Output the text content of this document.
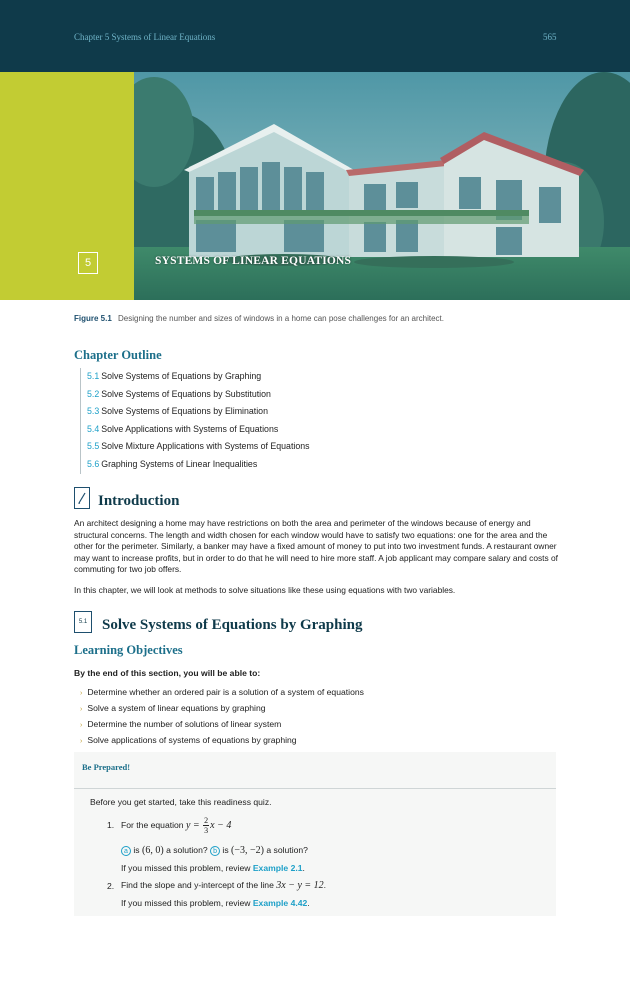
Chapter 5 Systems of Linear Equations	565
5	SYSTEMS OF LINEAR EQUATIONS
Figure 5.1 Designing the number and sizes of windows in a home can pose challenges for an architect.
Chapter Outline
5.1 Solve Systems of Equations by Graphing
5.2 Solve Systems of Equations by Substitution
5.3 Solve Systems of Equations by Elimination
5.4 Solve Applications with Systems of Equations
5.5 Solve Mixture Applications with Systems of Equations
5.6 Graphing Systems of Linear Inequalities
Introduction

An architect designing a home may have restrictions on both the area and perimeter of the windows because of energy and structural concerns. The length and width chosen for each window would have to satisfy two equations: one for the area and the other for the perimeter. Similarly, a banker may have a fixed amount of money to put into two investment funds. A restaurant owner may want to increase profits, but in order to do that he will need to hire more staff. A job applicant may compare salary and costs of commuting for two job offers.

In this chapter, we will look at methods to solve situations like these using equations with two variables.

5.1 Solve Systems of Equations by Graphing
Learning Objectives
By the end of this section, you will be able to:
› Determine whether an ordered pair is a solution of a system of equations
› Solve a system of linear equations by graphing
› Determine the number of solutions of linear system
› Solve applications of systems of equations by graphing
Be Prepared!
Before you get started, take this readiness quiz.
1. For the equation $y = \frac{2}{3}$ x − 4
a is (6, 0) a solution? b is (−3, −2) a solution?
If you missed this problem, review Example 2.1.
2. Find the slope and y-intercept of the line 3x − y = 12.
If you missed this problem, review Example 4.42.
